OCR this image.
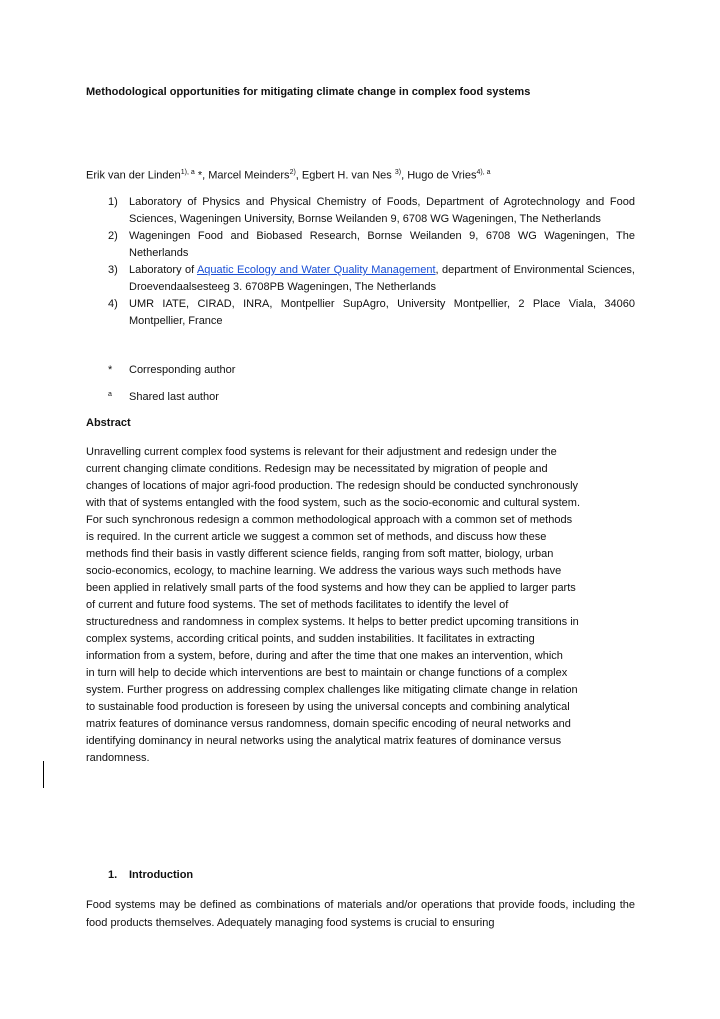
Methodological opportunities for mitigating climate change in complex food systems
Erik van der Linden$^{1), a}$ *, Marcel Meinders$^{2)}$, Egbert H. van Nes $^{3)}$, Hugo de Vries$^{4), a}$
1)	Laboratory of Physics and Physical Chemistry of Foods, Department of Agrotechnology and Food Sciences, Wageningen University, Bornse Weilanden 9, 6708 WG Wageningen, The Netherlands
2)	Wageningen Food and Biobased Research, Bornse Weilanden 9, 6708 WG Wageningen, The Netherlands
3)	Laboratory of Aquatic Ecology and Water Quality Management, department of Environmental Sciences, Droevendaalsesteeg 3. 6708PB Wageningen, The Netherlands
4)	UMR IATE, CIRAD, INRA, Montpellier SupAgro, University Montpellier, 2 Place Viala, 34060 Montpellier, France
*	Corresponding author
a	Shared last author
Abstract
Unravelling current complex food systems is relevant for their adjustment and redesign under the
current changing climate conditions. Redesign may be necessitated by migration of people and
changes of locations of major agri-food production. The redesign should be conducted synchronously
with that of systems entangled with the food system, such as the socio-economic and cultural system.
For such synchronous redesign a common methodological approach with a common set of methods
is required. In the current article we suggest a common set of methods, and discuss how these
methods find their basis in vastly different science fields, ranging from soft matter, biology, urban
socio-economics, ecology, to machine learning. We address the various ways such methods have
been applied in relatively small parts of the food systems and how they can be applied to larger parts
of current and future food systems. The set of methods facilitates to identify the level of
structuredness and randomness in complex systems. It helps to better predict upcoming transitions in
complex systems, according critical points, and sudden instabilities. It facilitates in extracting
information from a system, before, during and after the time that one makes an intervention, which
in turn will help to decide which interventions are best to maintain or change functions of a complex
system. Further progress on addressing complex challenges like mitigating climate change in relation
to sustainable food production is foreseen by using the universal concepts and combining analytical
matrix features of dominance versus randomness, domain specific encoding of neural networks and
identifying dominancy in neural networks using the analytical matrix features of dominance versus
randomness.
1.	Introduction

Food systems may be defined as combinations of materials and/or operations that provide foods, including the food products themselves. Adequately managing food systems is crucial to ensuring
